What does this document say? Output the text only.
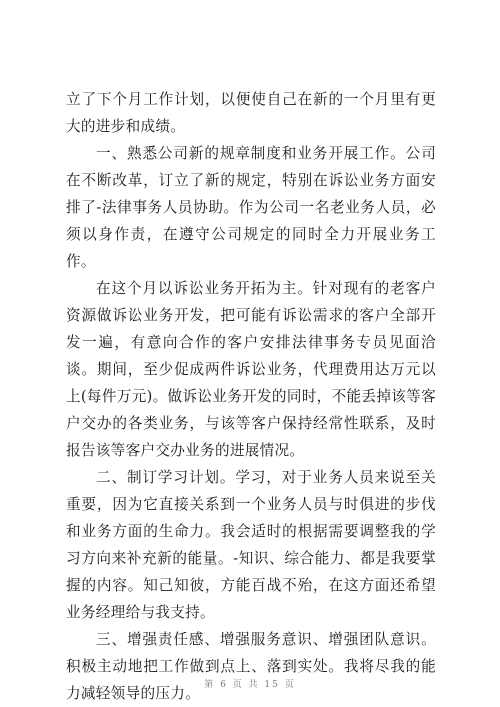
立了下个月工作计划，以便使自己在新的一个月里有更大的进步和成绩。

一、熟悉公司新的规章制度和业务开展工作。公司在不断改革，订立了新的规定，特别在诉讼业务方面安排了-法律事务人员协助。作为公司一名老业务人员，必须以身作责，在遵守公司规定的同时全力开展业务工作。

在这个月以诉讼业务开拓为主。针对现有的老客户资源做诉讼业务开发，把可能有诉讼需求的客户全部开发一遍，有意向合作的客户安排法律事务专员见面洽谈。期间，至少促成两件诉讼业务，代理费用达万元以上(每件万元)。做诉讼业务开发的同时，不能丢掉该等客户交办的各类业务，与该等客户保持经常性联系，及时报告该等客户交办业务的进展情况。

二、制订学习计划。学习，对于业务人员来说至关重要，因为它直接关系到一个业务人员与时俱进的步伐和业务方面的生命力。我会适时的根据需要调整我的学习方向来补充新的能量。-知识、综合能力、都是我要掌握的内容。知己知彼，方能百战不殆，在这方面还希望业务经理给与我支持。

三、增强责任感、增强服务意识、增强团队意识。积极主动地把工作做到点上、落到实处。我将尽我的能力减轻领导的压力。 第 6 页 共 15 页
